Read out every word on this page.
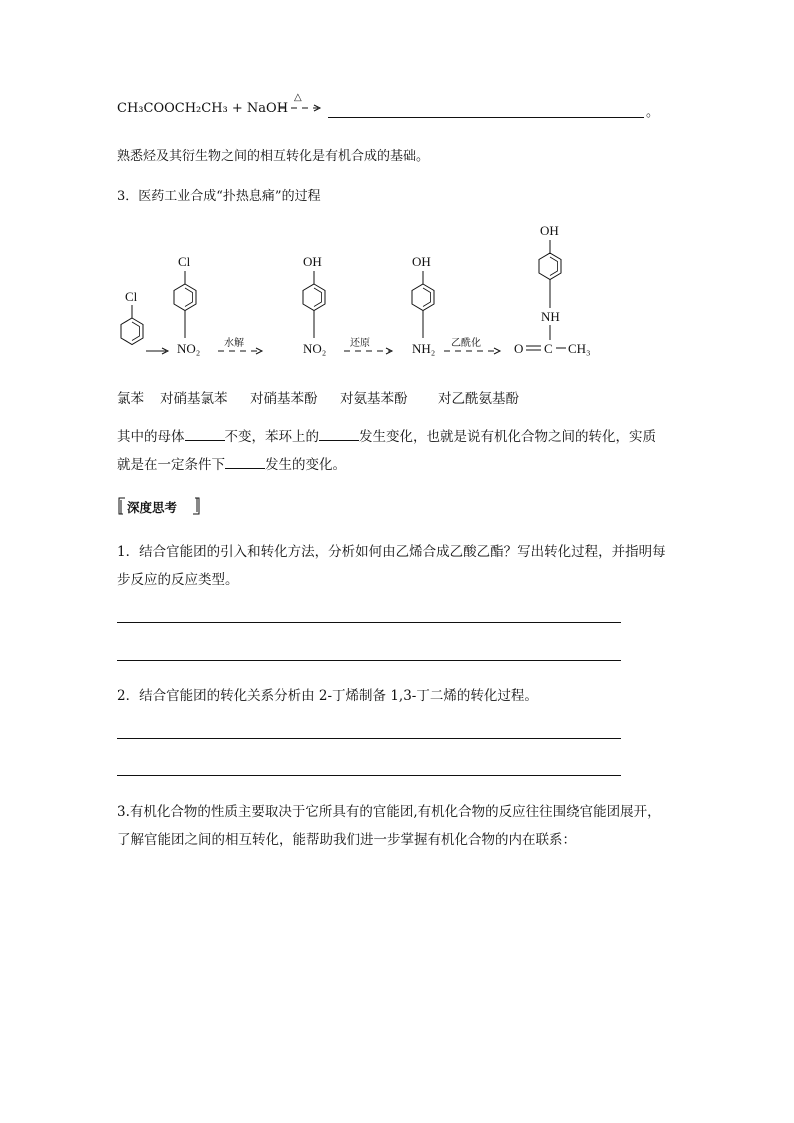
CH₃COOCH₂CH₃ + NaOH
△
。
熟悉烃及其衍生物之间的相互转化是有机合成的基础。
3．医药工业合成“扑热息痛”的过程
Cl
Cl
NO₂ 水解
OH
NO₂ 还原
OH
NH₂ 乙酰化
OH
NH
O C CH₃
氯苯 对硝基氯苯 对硝基苯酚 对氨基苯酚 对乙酰氨基酚
其中的母体	不变，苯环上的	发生变化，也就是说有机化合物之间的转化，实质
就是在一定条件下	发生的变化。
深度思考
1．结合官能团的引入和转化方法，分析如何由乙烯合成乙酸乙酯？写出转化过程，并指明每
步反应的反应类型。
2．结合官能团的转化关系分析由 2-丁烯制备 1,3-丁二烯的转化过程。
3.有机化合物的性质主要取决于它所具有的官能团,有机化合物的反应往往围绕官能团展开，
了解官能团之间的相互转化，能帮助我们进一步掌握有机化合物的内在联系：
